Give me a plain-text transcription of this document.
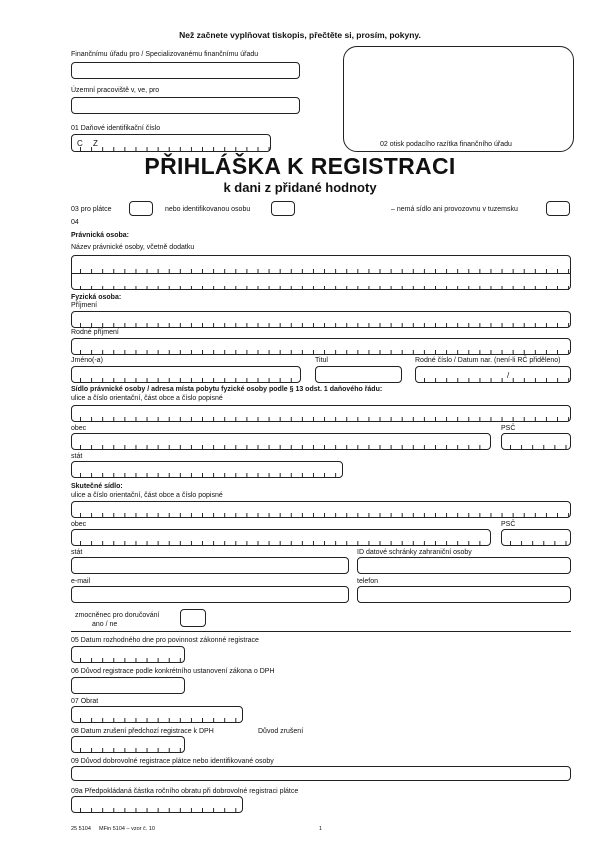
Než začnete vyplňovat tiskopis, přečtěte si, prosím, pokyny.
Finančnímu úřadu pro / Specializovanému finančnímu úřadu
Územní pracoviště v, ve, pro
01 Daňové identifikační číslo
C Z	02 otisk podacího razítka finančního úřadu
PŘIHLÁŠKA K REGISTRACI
k dani z přidané hodnoty
03 pro plátce	nebo identifikovanou osobu	– nemá sídlo ani provozovnu v tuzemsku
04
Právnická osoba:
Název právnické osoby, včetně dodatku
Fyzická osoba:
Příjmení
Rodné příjmení
Jméno(-a)	Titul	Rodné číslo / Datum nar. (není-li RČ přiděleno)
/
Sídlo právnické osoby / adresa místa pobytu fyzické osoby podle § 13 odst. 1 daňového řádu:
ulice a číslo orientační, část obce a číslo popisné
obec	PSČ
stát
Skutečné sídlo:
ulice a číslo orientační, část obce a číslo popisné
obec	PSČ
stát	ID datové schránky zahraniční osoby
e-mail	telefon
zmocněnec pro doručování
ano / ne
05 Datum rozhodného dne pro povinnost zákonné registrace
06 Důvod registrace podle konkrétního ustanovení zákona o DPH
07 Obrat
08 Datum zrušení předchozí registrace k DPH	Důvod zrušení
09 Důvod dobrovolné registrace plátce nebo identifikované osoby
09a Předpokládaná částka ročního obratu při dobrovolné registraci plátce
25 5104 MFin 5104 – vzor č. 10	1
